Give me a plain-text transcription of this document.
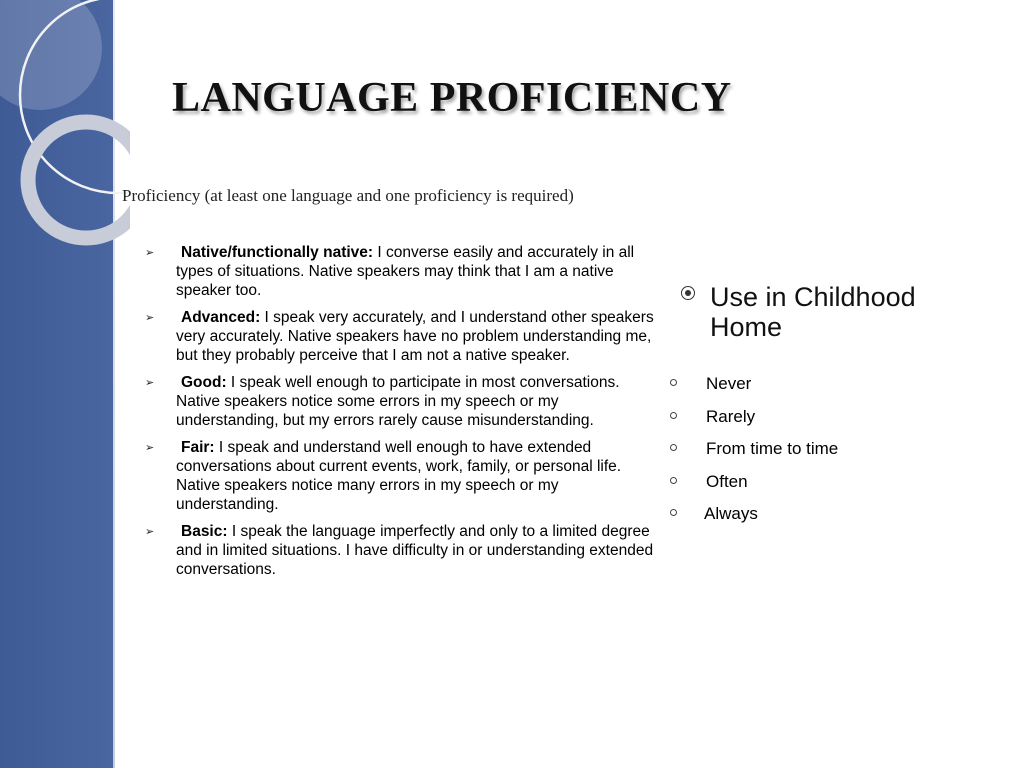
LANGUAGE PROFICIENCY
Proficiency (at least one language and one proficiency is required)
➢ Native/functionally native: I converse easily and accurately in all types of situations. Native speakers may think that I am a native speaker too.
➢ Advanced: I speak very accurately, and I understand other speakers very accurately. Native speakers have no problem understanding me, but they probably perceive that I am not a native speaker.
➢ Good: I speak well enough to participate in most conversations. Native speakers notice some errors in my speech or my understanding, but my errors rarely cause misunderstanding.
➢ Fair: I speak and understand well enough to have extended conversations about current events, work, family, or personal life. Native speakers notice many errors in my speech or my understanding.
➢ Basic: I speak the language imperfectly and only to a limited degree and in limited situations. I have difficulty in or understanding extended conversations.
Use in Childhood Home
Never
Rarely
From time to time
Often
Always
